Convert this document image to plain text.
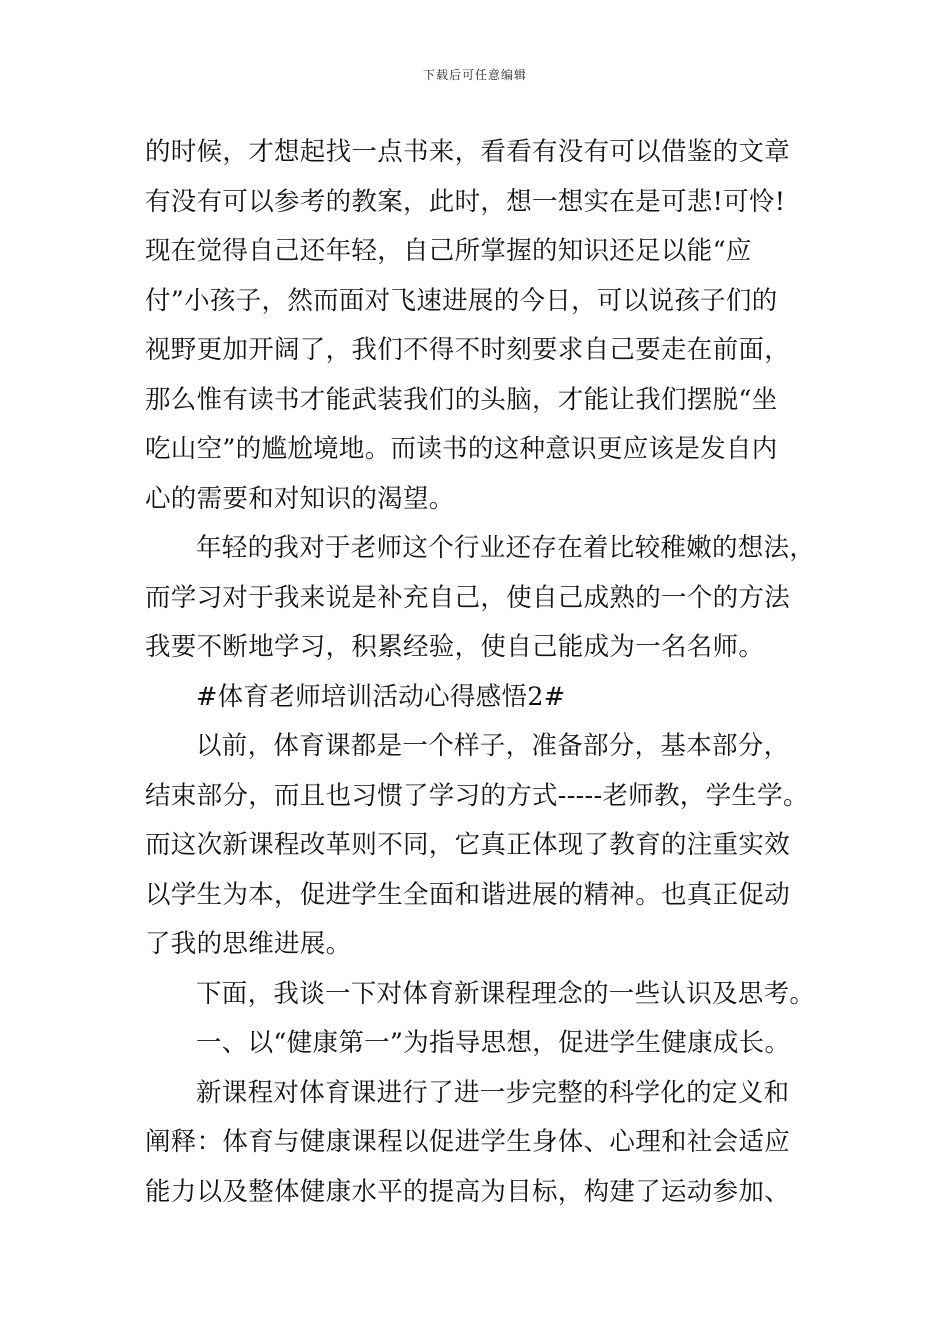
下载后可任意编辑
的时候，才想起找一点书来，看看有没有可以借鉴的文章
有没有可以参考的教案，此时，想一想实在是可悲!可怜!
现在觉得自己还年轻，自己所掌握的知识还足以能“应
付”小孩子，然而面对飞速进展的今日，可以说孩子们的
视野更加开阔了，我们不得不时刻要求自己要走在前面，
那么惟有读书才能武装我们的头脑，才能让我们摆脱“坐
吃山空”的尴尬境地。而读书的这种意识更应该是发自内
心的需要和对知识的渴望。
年轻的我对于老师这个行业还存在着比较稚嫩的想法，
而学习对于我来说是补充自己，使自己成熟的一个的方法
我要不断地学习，积累经验，使自己能成为一名名师。
#体育老师培训活动心得感悟2#
以前，体育课都是一个样子，准备部分，基本部分，
结束部分，而且也习惯了学习的方式-----老师教，学生学。
而这次新课程改革则不同，它真正体现了教育的注重实效
以学生为本，促进学生全面和谐进展的精神。也真正促动
了我的思维进展。
下面，我谈一下对体育新课程理念的一些认识及思考。
一、以“健康第一”为指导思想，促进学生健康成长。
新课程对体育课进行了进一步完整的科学化的定义和
阐释：体育与健康课程以促进学生身体、心理和社会适应
能力以及整体健康水平的提高为目标，构建了运动参加、
